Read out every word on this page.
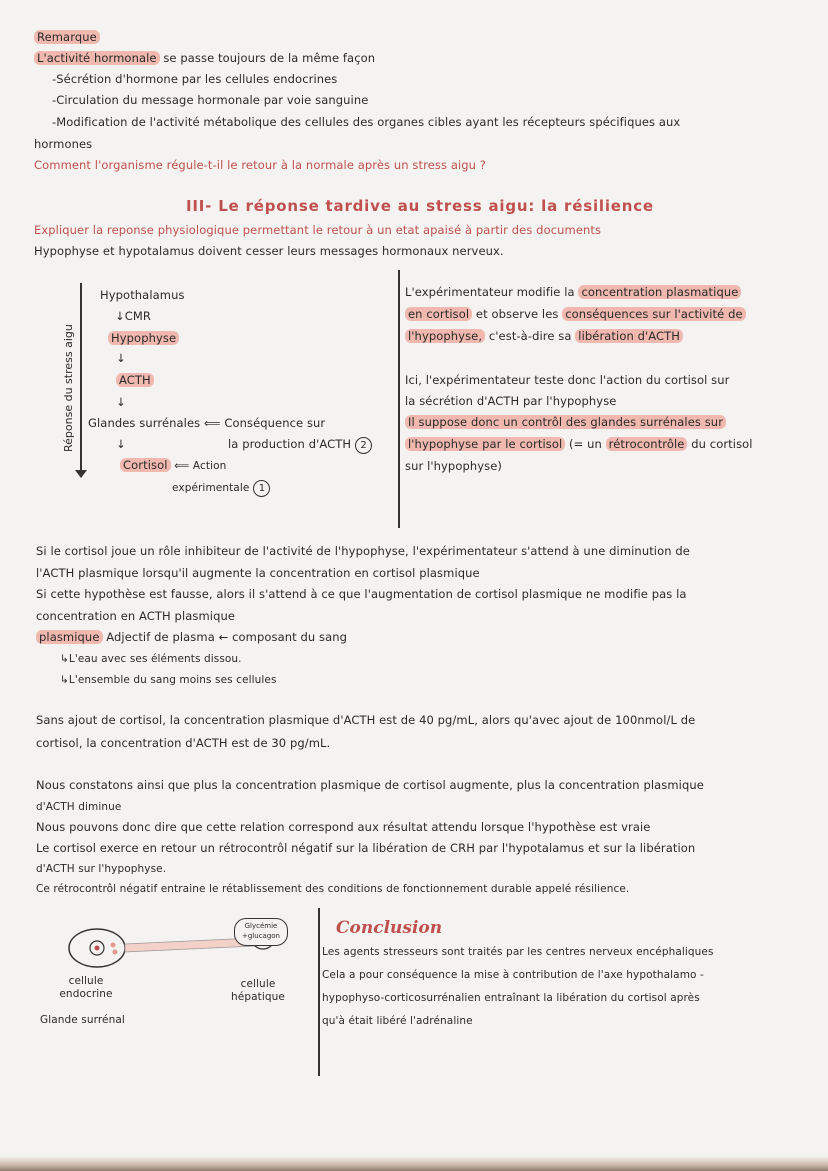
Remarque
L'activité hormonale se passe toujours de la même façon
-Sécrétion d'hormone par les cellules endocrines
-Circulation du message hormonale par voie sanguine
-Modification de l'activité métabolique des cellules des organes cibles ayant les récepteurs spécifiques aux
hormones
Comment l'organisme régule-t-il le retour à la normale après un stress aigu ?
III- Le réponse tardive au stress aigu: la résilience
Expliquer la reponse physiologique permettant le retour à un etat apaisé à partir des documents
Hypophyse et hypotalamus doivent cesser leurs messages hormonaux nerveux.
Réponse du stress aigu
Hypothalamus
↓CMR
Hypophyse
↓
ACTH
↓
Glandes surrénales ⟸ Conséquence sur
↓	la production d'ACTH 2
Cortisol ⟸ Action
expérimentale 1
L'expérimentateur modifie la concentration plasmatique
en cortisol et observe les conséquences sur l'activité de
l'hypophyse, c'est-à-dire sa libération d'ACTH
Ici, l'expérimentateur teste donc l'action du cortisol sur
la sécrétion d'ACTH par l'hypophyse
Il suppose donc un contrôl des glandes surrénales sur
l'hypophyse par le cortisol (= un rétrocontrôle du cortisol
sur l'hypophyse)
Si le cortisol joue un rôle inhibiteur de l'activité de l'hypophyse, l'expérimentateur s'attend à une diminution de
l'ACTH plasmique lorsqu'il augmente la concentration en cortisol plasmique
Si cette hypothèse est fausse, alors il s'attend à ce que l'augmentation de cortisol plasmique ne modifie pas la
concentration en ACTH plasmique
plasmique Adjectif de plasma ← composant du sang
↳L'eau avec ses éléments dissou.
↳L'ensemble du sang moins ses cellules
Sans ajout de cortisol, la concentration plasmique d'ACTH est de 40 pg/mL, alors qu'avec ajout de 100nmol/L de
cortisol, la concentration d'ACTH est de 30 pg/mL.
Nous constatons ainsi que plus la concentration plasmique de cortisol augmente, plus la concentration plasmique
d'ACTH diminue
Nous pouvons donc dire que cette relation correspond aux résultat attendu lorsque l'hypothèse est vraie
Le cortisol exerce en retour un rétrocontrôl négatif sur la libération de CRH par l'hypotalamus et sur la libération
d'ACTH sur l'hypophyse.
Ce rétrocontrôl négatif entraine le rétablissement des conditions de fonctionnement durable appelé résilience.
Glycémie
+glucagon
cellule
endocrine
Glande surrénal
cellule
hépatique
Conclusion
Les agents stresseurs sont traités par les centres nerveux encéphaliques
Cela a pour conséquence la mise à contribution de l'axe hypothalamo -
hypophyso-corticosurrénalien entraînant la libération du cortisol après
qu'à était libéré l'adrénaline
